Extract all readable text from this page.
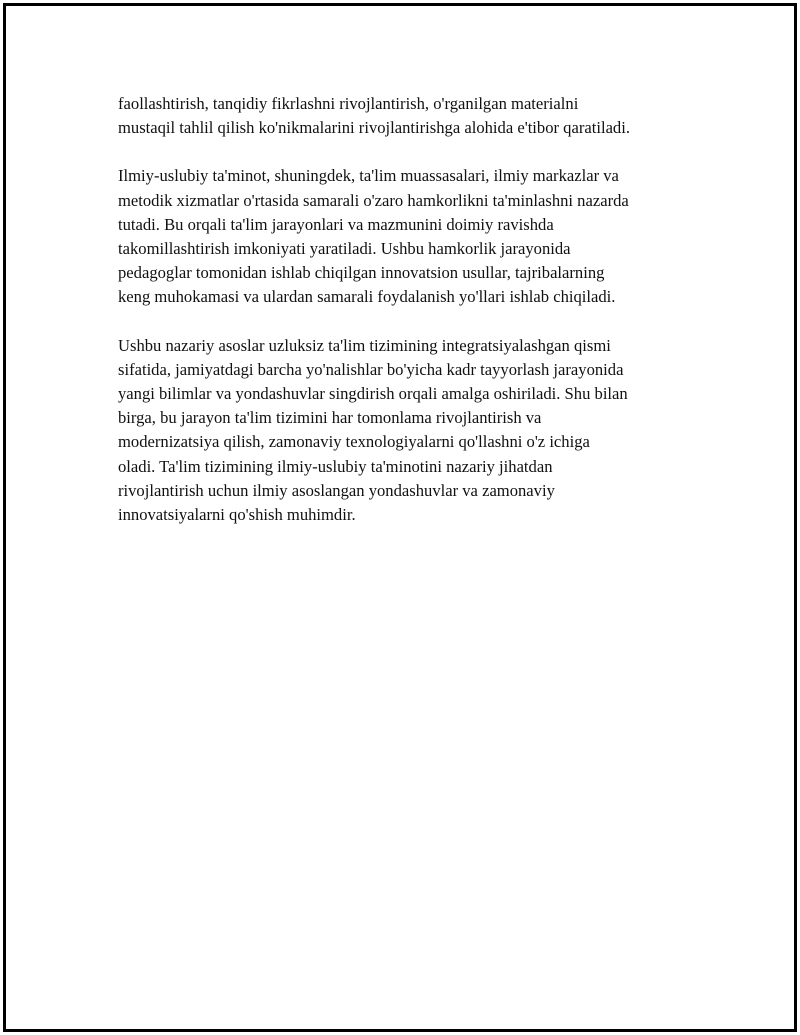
faollashtirish, tanqidiy fikrlashni rivojlantirish, o'rganilgan materialni
mustaqil tahlil qilish ko'nikmalarini rivojlantirishga alohida e'tibor qaratiladi.

Ilmiy-uslubiy ta'minot, shuningdek, ta'lim muassasalari, ilmiy markazlar va
metodik xizmatlar o'rtasida samarali o'zaro hamkorlikni ta'minlashni nazarda
tutadi. Bu orqali ta'lim jarayonlari va mazmunini doimiy ravishda
takomillashtirish imkoniyati yaratiladi. Ushbu hamkorlik jarayonida
pedagoglar tomonidan ishlab chiqilgan innovatsion usullar, tajribalarning
keng muhokamasi va ulardan samarali foydalanish yo'llari ishlab chiqiladi.

Ushbu nazariy asoslar uzluksiz ta'lim tizimining integratsiyalashgan qismi
sifatida, jamiyatdagi barcha yo'nalishlar bo'yicha kadr tayyorlash jarayonida
yangi bilimlar va yondashuvlar singdirish orqali amalga oshiriladi. Shu bilan
birga, bu jarayon ta'lim tizimini har tomonlama rivojlantirish va
modernizatsiya qilish, zamonaviy texnologiyalarni qo'llashni o'z ichiga
oladi. Ta'lim tizimining ilmiy-uslubiy ta'minotini nazariy jihatdan
rivojlantirish uchun ilmiy asoslangan yondashuvlar va zamonaviy
innovatsiyalarni qo'shish muhimdir.
